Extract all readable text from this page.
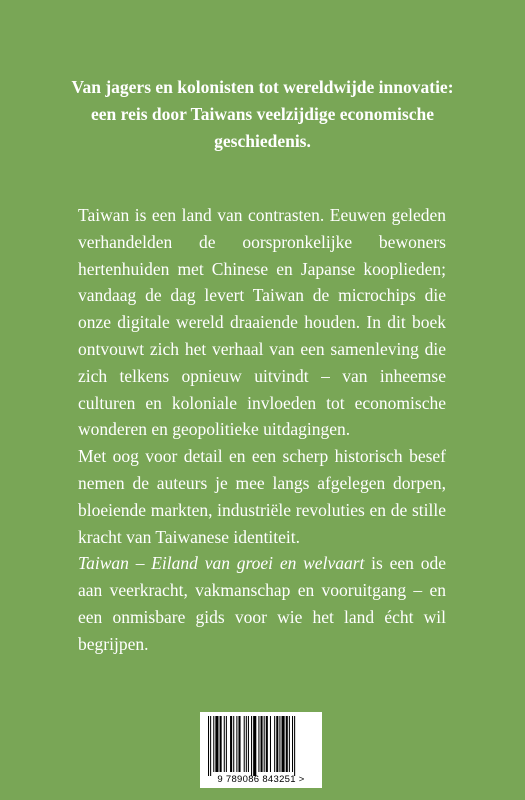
Van jagers en kolonisten tot wereldwijde innovatie: een reis door Taiwans veelzijdige economische geschiedenis.

Taiwan is een land van contrasten. Eeuwen geleden verhandelden de oorspronkelijke bewoners hertenhuiden met Chinese en Japanse kooplieden; vandaag de dag levert Taiwan de microchips die onze digitale wereld draaiende houden. In dit boek ontvouwt zich het verhaal van een samenleving die zich telkens opnieuw uitvindt – van inheemse culturen en koloniale invloeden tot economische wonderen en geopolitieke uitdagingen.

Met oog voor detail en een scherp historisch besef nemen de auteurs je mee langs afgelegen dorpen, bloeiende markten, industriële revoluties en de stille kracht van Taiwanese identiteit.

Taiwan – Eiland van groei en welvaart is een ode aan veerkracht, vakmanschap en vooruitgang – en een onmisbare gids voor wie het land écht wil begrijpen.

9 789086 843251 >
